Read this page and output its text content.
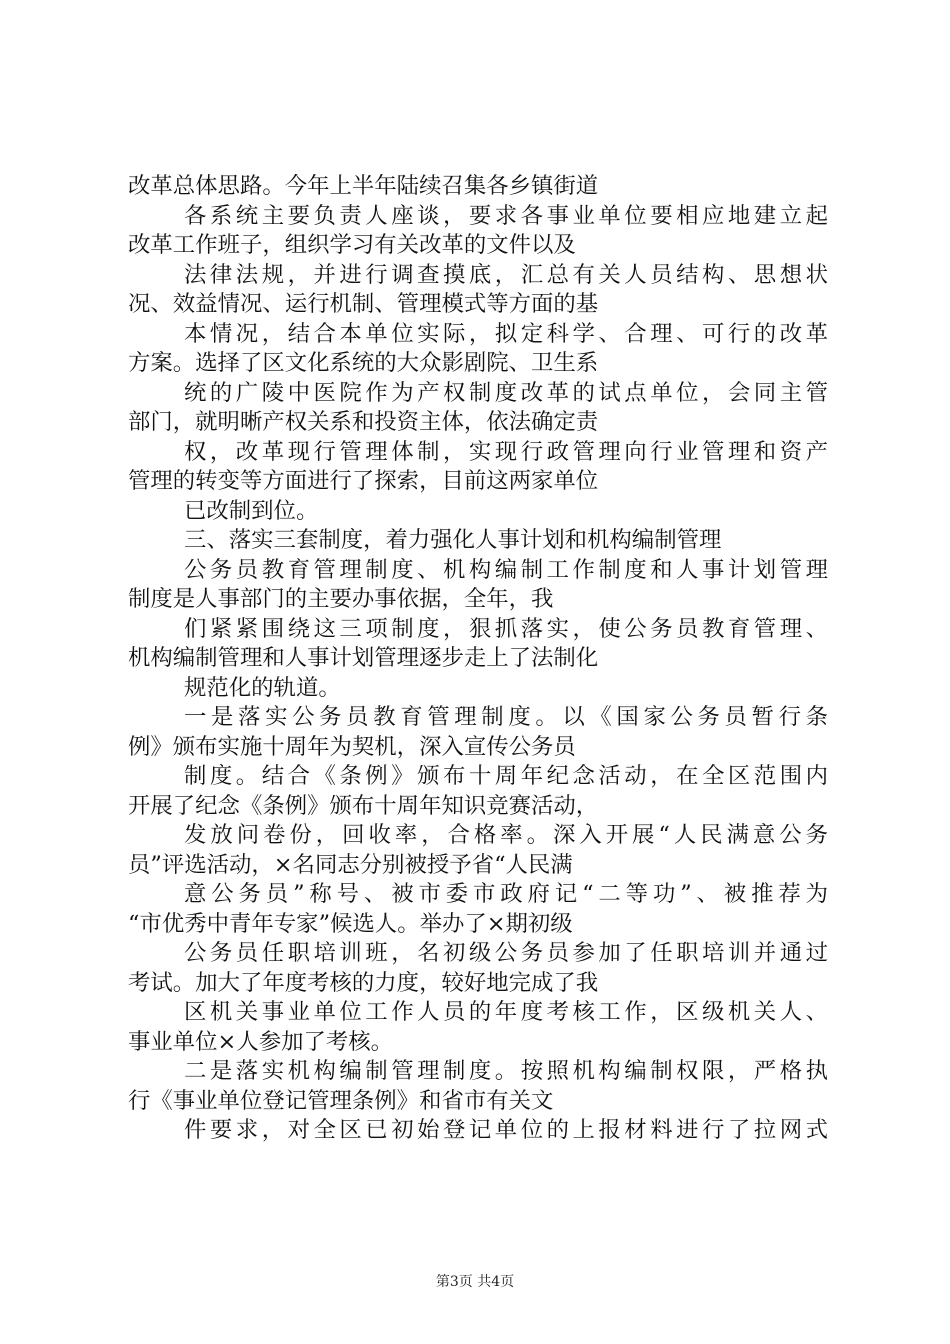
改革总体思路。今年上半年陆续召集各乡镇街道
各系统主要负责人座谈，要求各事业单位要相应地建立起
改革工作班子，组织学习有关改革的文件以及
法律法规，并进行调查摸底，汇总有关人员结构、思想状
况、效益情况、运行机制、管理模式等方面的基
本情况，结合本单位实际，拟定科学、合理、可行的改革
方案。选择了区文化系统的大众影剧院、卫生系
统的广陵中医院作为产权制度改革的试点单位，会同主管
部门，就明晰产权关系和投资主体，依法确定责
权，改革现行管理体制，实现行政管理向行业管理和资产
管理的转变等方面进行了探索，目前这两家单位
已改制到位。
三、落实三套制度，着力强化人事计划和机构编制管理
公务员教育管理制度、机构编制工作制度和人事计划管理
制度是人事部门的主要办事依据，全年，我
们紧紧围绕这三项制度，狠抓落实，使公务员教育管理、
机构编制管理和人事计划管理逐步走上了法制化
规范化的轨道。
一是落实公务员教育管理制度。以《国家公务员暂行条
例》颁布实施十周年为契机，深入宣传公务员
制度。结合《条例》颁布十周年纪念活动，在全区范围内
开展了纪念《条例》颁布十周年知识竞赛活动，
发放问卷份，回收率，合格率。深入开展“人民满意公务
员”评选活动，×名同志分别被授予省“人民满
意公务员”称号、被市委市政府记“二等功”、被推荐为
“市优秀中青年专家”候选人。举办了×期初级
公务员任职培训班，名初级公务员参加了任职培训并通过
考试。加大了年度考核的力度，较好地完成了我
区机关事业单位工作人员的年度考核工作，区级机关人、
事业单位×人参加了考核。
二是落实机构编制管理制度。按照机构编制权限，严格执
行《事业单位登记管理条例》和省市有关文
件要求，对全区已初始登记单位的上报材料进行了拉网式
第3页 共4页
